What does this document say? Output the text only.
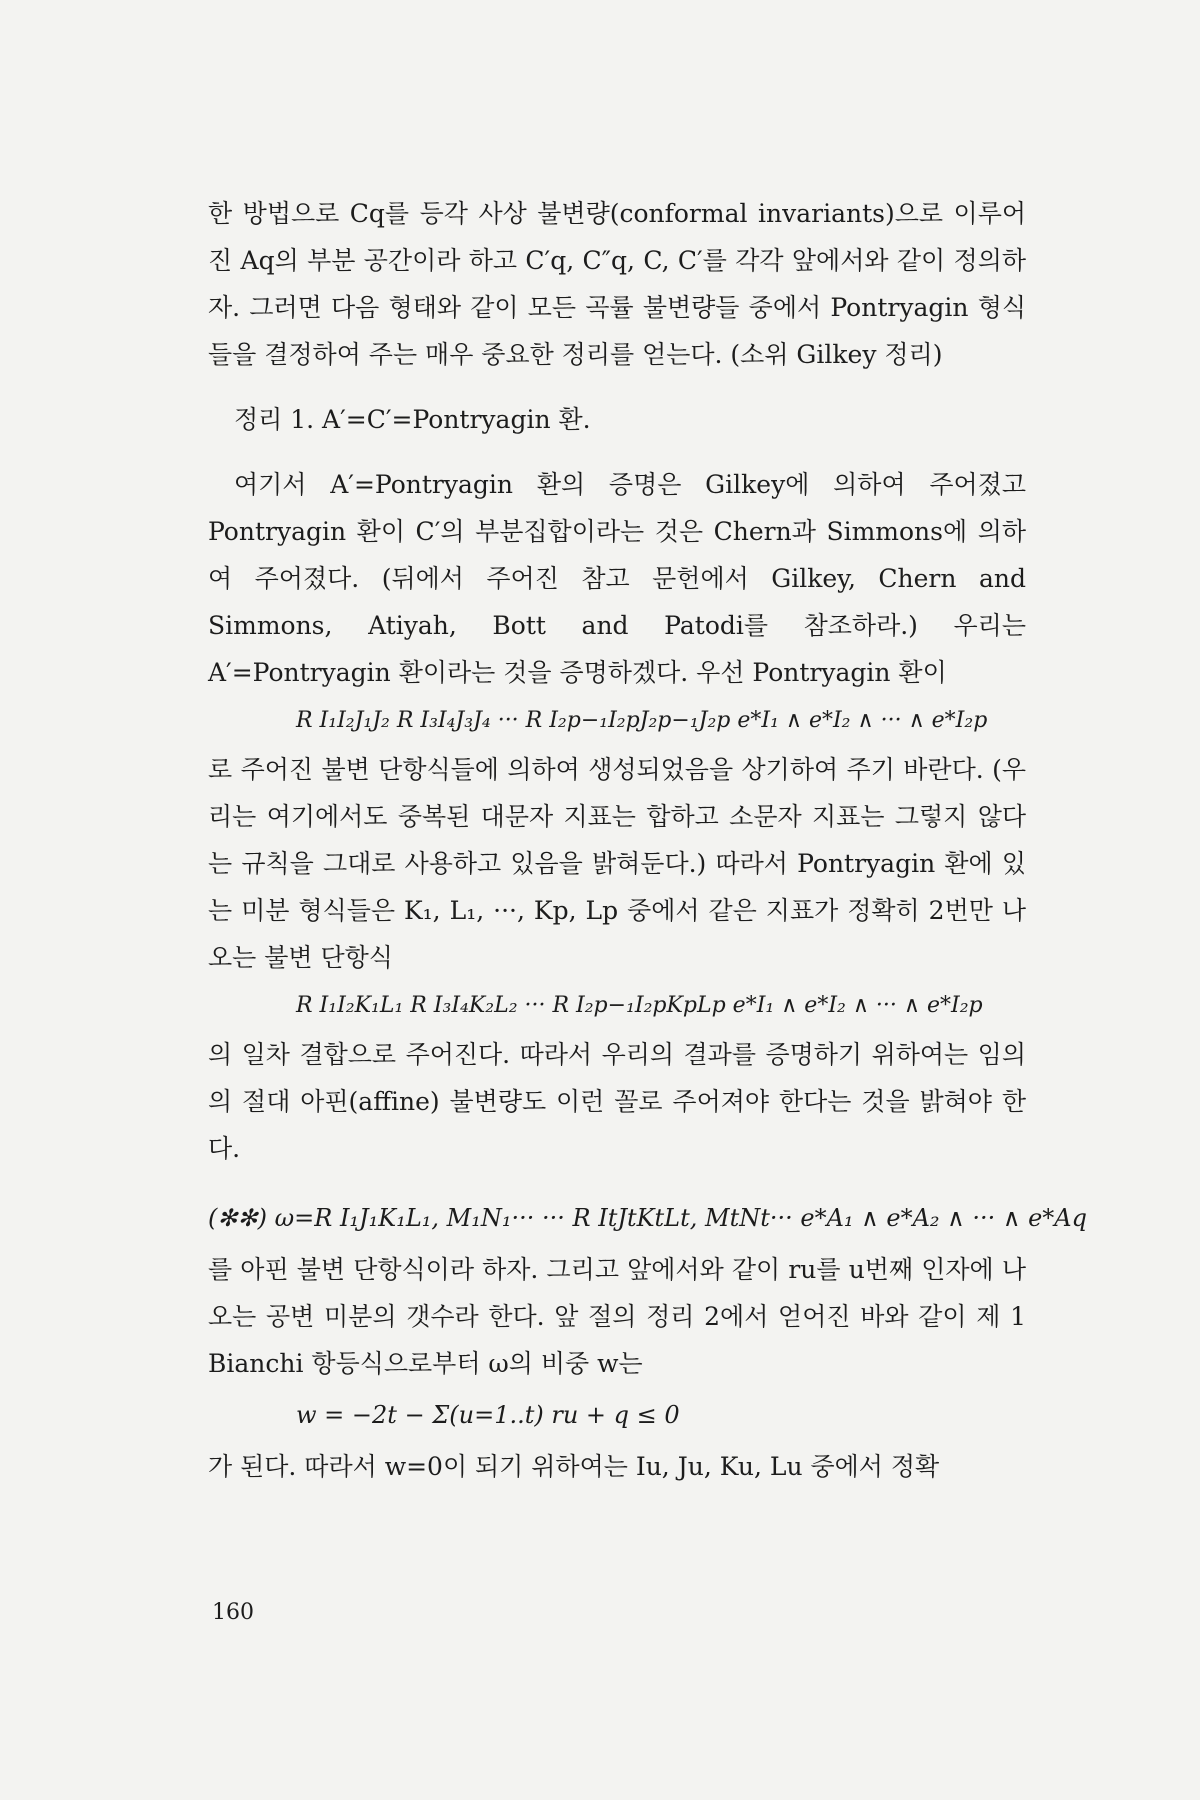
한 방법으로 Cq를 등각 사상 불변량(conformal invariants)으로 이루어진 Aq의 부분 공간이라 하고 C′q, C″q, C, C′를 각각 앞에서와 같이 정의하자. 그러면 다음 형태와 같이 모든 곡률 불변량들 중에서 Pontryagin 형식들을 결정하여 주는 매우 중요한 정리를 얻는다. (소위 Gilkey 정리)

정리 1. A′=C′=Pontryagin 환.

여기서 A′=Pontryagin 환의 증명은 Gilkey에 의하여 주어졌고 Pontryagin 환이 C′의 부분집합이라는 것은 Chern과 Simmons에 의하여 주어졌다. (뒤에서 주어진 참고 문헌에서 Gilkey, Chern and Simmons, Atiyah, Bott and Patodi를 참조하라.) 우리는 A′=Pontryagin 환이라는 것을 증명하겠다. 우선 Pontryagin 환이

R I₁I₂J₁J₂ R I₃I₄J₃J₄ ··· R I₂p−₁I₂pJ₂p−₁J₂p e*I₁ ∧ e*I₂ ∧ ··· ∧ e*I₂p

로 주어진 불변 단항식들에 의하여 생성되었음을 상기하여 주기 바란다. (우리는 여기에서도 중복된 대문자 지표는 합하고 소문자 지표는 그렇지 않다는 규칙을 그대로 사용하고 있음을 밝혀둔다.) 따라서 Pontryagin 환에 있는 미분 형식들은 K₁, L₁, ···, Kp, Lp 중에서 같은 지표가 정확히 2번만 나오는 불변 단항식

R I₁I₂K₁L₁ R I₃I₄K₂L₂ ··· R I₂p−₁I₂pKpLp e*I₁ ∧ e*I₂ ∧ ··· ∧ e*I₂p

의 일차 결합으로 주어진다. 따라서 우리의 결과를 증명하기 위하여는 임의의 절대 아핀(affine) 불변량도 이런 꼴로 주어져야 한다는 것을 밝혀야 한다.

(✻✻) ω=R I₁J₁K₁L₁, M₁N₁··· ··· R ItJtKtLt, MtNt··· e*A₁ ∧ e*A₂ ∧ ··· ∧ e*Aq

를 아핀 불변 단항식이라 하자. 그리고 앞에서와 같이 ru를 u번째 인자에 나오는 공변 미분의 갯수라 한다. 앞 절의 정리 2에서 얻어진 바와 같이 제 1 Bianchi 항등식으로부터 ω의 비중 w는

w = −2t − Σ(u=1..t) ru + q ≤ 0

가 된다. 따라서 w=0이 되기 위하여는 Iu, Ju, Ku, Lu 중에서 정확

160
